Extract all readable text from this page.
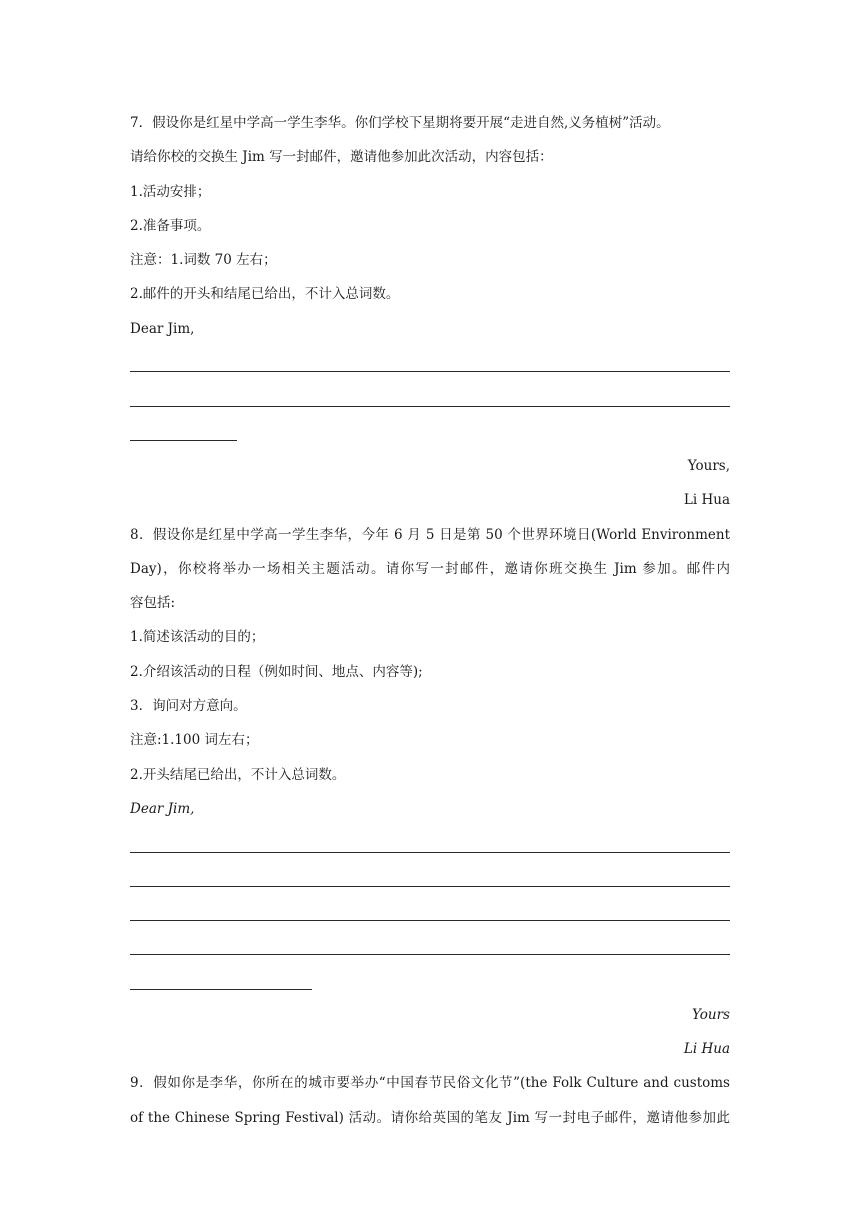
7．假设你是红星中学高一学生李华。你们学校下星期将要开展“走进自然,义务植树”活动。
请给你校的交换生 Jim 写一封邮件，邀请他参加此次活动，内容包括：
1.活动安排；
2.准备事项。
注意：1.词数 70 左右；
2.邮件的开头和结尾已给出，不计入总词数。
Dear Jim,
Yours,
Li Hua
8．假设你是红星中学高一学生李华，今年 6 月 5 日是第 50 个世界环境日(World Environment
Day)，你校将举办一场相关主题活动。请你写一封邮件，邀请你班交换生 Jim 参加。邮件内
容包括:
1.简述该活动的目的；
2.介绍该活动的日程（例如时间、地点、内容等);
3．询问对方意向。
注意:1.100 词左右；
2.开头结尾已给出，不计入总词数。
Dear Jim,
Yours
Li Hua
9．假如你是李华，你所在的城市要举办“中国春节民俗文化节”(the Folk Culture and customs
of the Chinese Spring Festival) 活动。请你给英国的笔友 Jim 写一封电子邮件，邀请他参加此
